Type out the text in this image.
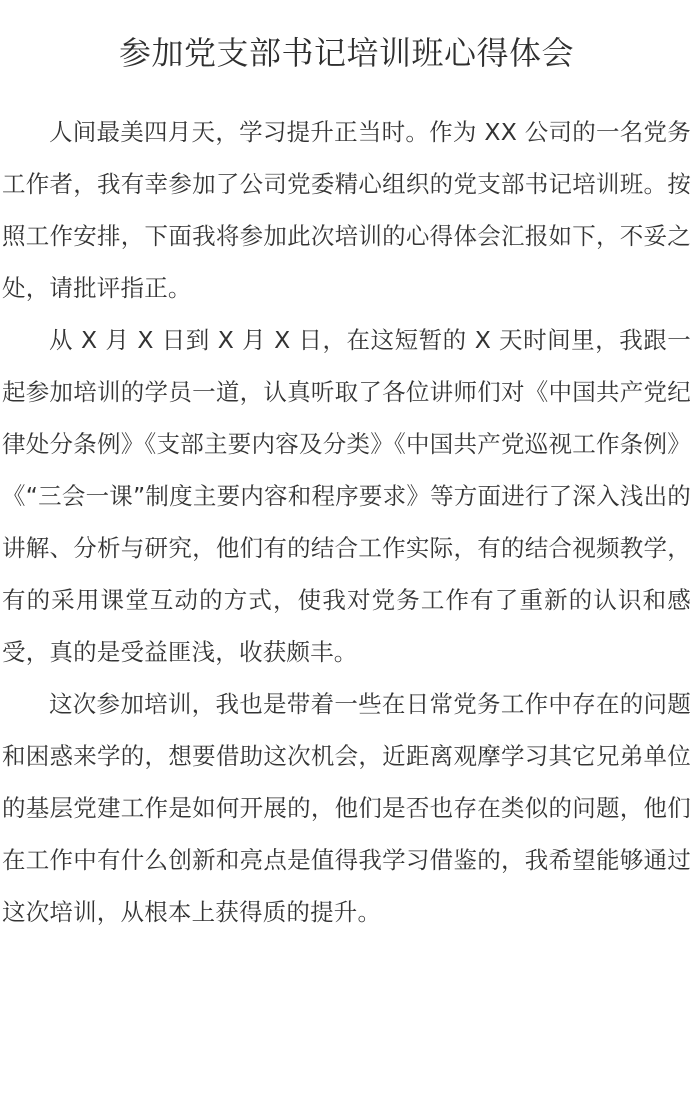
参加党支部书记培训班心得体会

人间最美四月天，学习提升正当时。作为 XX 公司的一名党务工作者，我有幸参加了公司党委精心组织的党支部书记培训班。按照工作安排，下面我将参加此次培训的心得体会汇报如下，不妥之处，请批评指正。

从 X 月 X 日到 X 月 X 日，在这短暂的 X 天时间里，我跟一起参加培训的学员一道，认真听取了各位讲师们对《中国共产党纪律处分条例》《支部主要内容及分类》《中国共产党巡视工作条例》《“三会一课”制度主要内容和程序要求》等方面进行了深入浅出的讲解、分析与研究，他们有的结合工作实际，有的结合视频教学，有的采用课堂互动的方式，使我对党务工作有了重新的认识和感受，真的是受益匪浅，收获颇丰。

这次参加培训，我也是带着一些在日常党务工作中存在的问题和困惑来学的，想要借助这次机会，近距离观摩学习其它兄弟单位的基层党建工作是如何开展的，他们是否也存在类似的问题，他们在工作中有什么创新和亮点是值得我学习借鉴的，我希望能够通过这次培训，从根本上获得质的提升。
